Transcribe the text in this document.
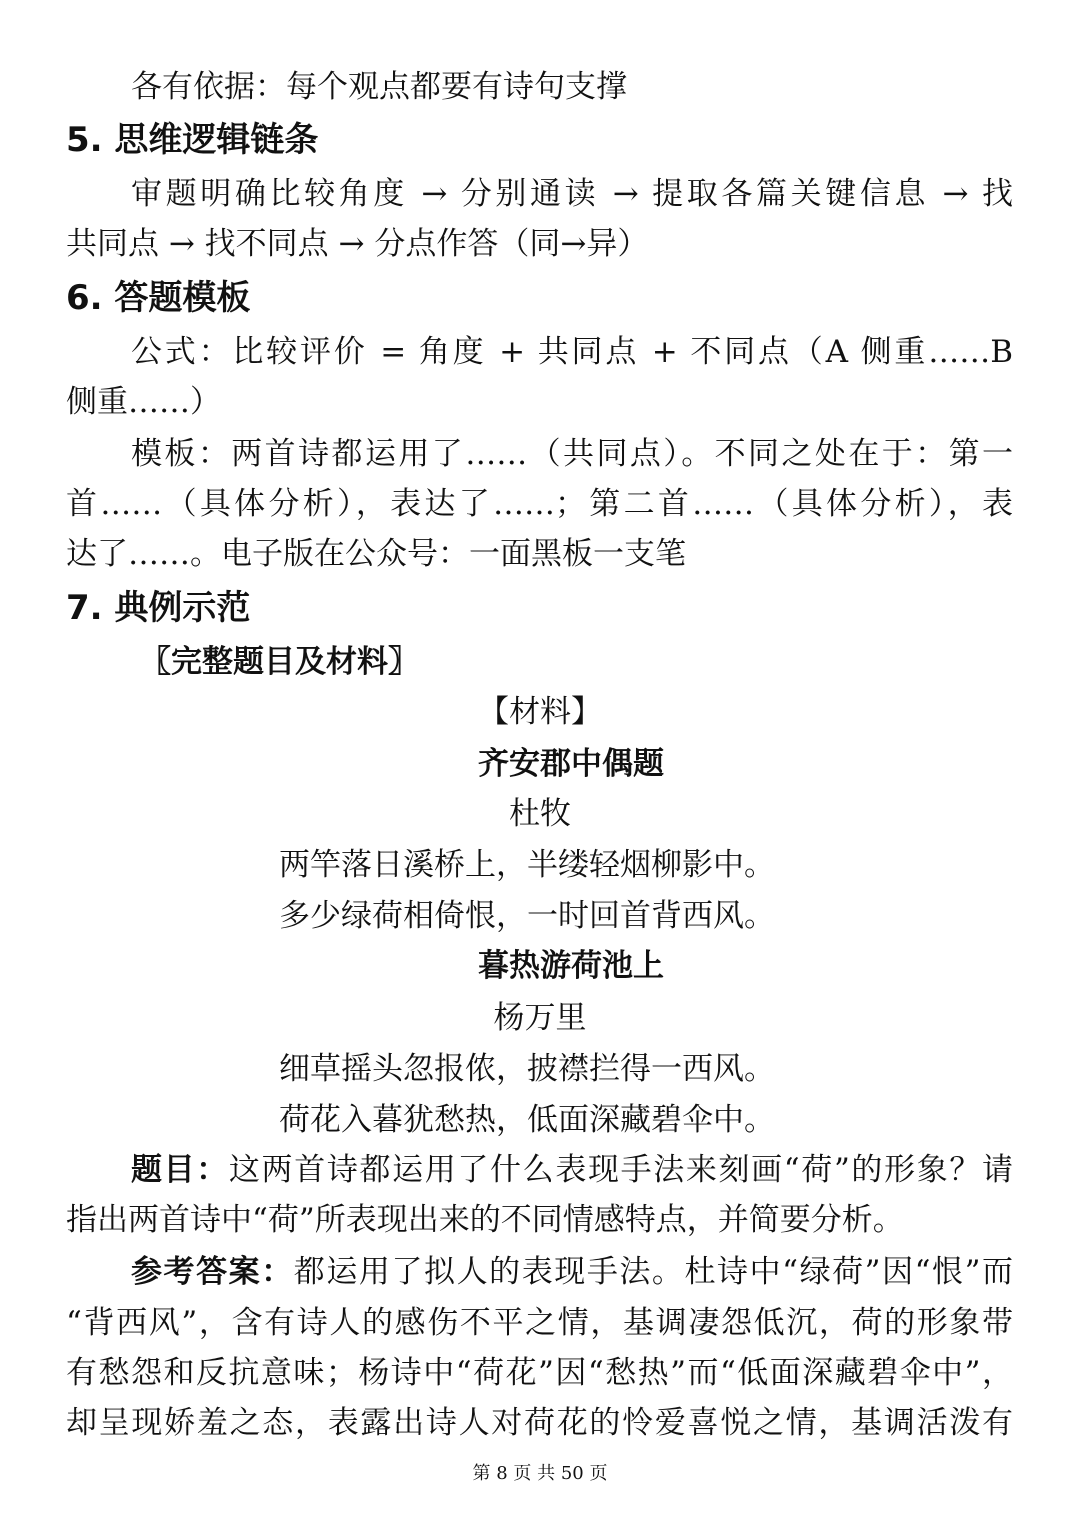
各有依据：每个观点都要有诗句支撑
5. 思维逻辑链条
审题明确比较角度 → 分别通读 → 提取各篇关键信息 → 找
共同点 → 找不同点 → 分点作答（同→异）
6. 答题模板
公式：比较评价 = 角度 + 共同点 + 不同点（A 侧重……B
侧重……）
模板：两首诗都运用了……（共同点）。不同之处在于：第一
首……（具体分析），表达了……；第二首……（具体分析），表
达了……。电子版在公众号：一面黑板一支笔
7. 典例示范
〖完整题目及材料〗
【材料】
齐安郡中偶题
杜牧
两竿落日溪桥上，半缕轻烟柳影中。
多少绿荷相倚恨，一时回首背西风。
暮热游荷池上
杨万里
细草摇头忽报侬，披襟拦得一西风。
荷花入暮犹愁热，低面深藏碧伞中。
题目：这两首诗都运用了什么表现手法来刻画“荷”的形象？请
指出两首诗中“荷”所表现出来的不同情感特点，并简要分析。
参考答案：都运用了拟人的表现手法。杜诗中“绿荷”因“恨”而
“背西风”，含有诗人的感伤不平之情，基调凄怨低沉，荷的形象带
有愁怨和反抗意味；杨诗中“荷花”因“愁热”而“低面深藏碧伞中”，
却呈现娇羞之态，表露出诗人对荷花的怜爱喜悦之情，基调活泼有
第 8 页 共 50 页
